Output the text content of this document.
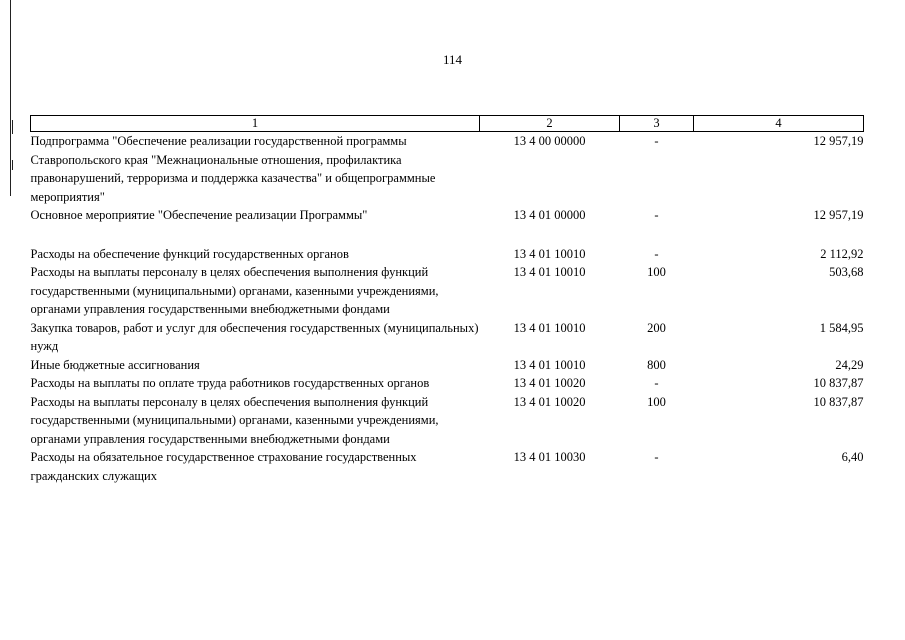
114
1	2	3	4
Подпрограмма "Обеспечение реализации государственной программы Ставропольского края "Межнациональные отношения, профилактика правонарушений, терроризма и поддержка казачества" и общепрограммные мероприятия"	13 4 00 00000	-	12 957,19
Основное мероприятие "Обеспечение реализации Программы"	13 4 01 00000	-	12 957,19
Расходы на обеспечение функций государственных органов	13 4 01 10010	-	2 112,92
Расходы на выплаты персоналу в целях обеспечения выполнения функций государственными (муниципальными) органами, казенными учреждениями, органами управления государственными внебюджетными фондами	13 4 01 10010	100	503,68
Закупка товаров, работ и услуг для обеспечения государственных (муниципальных) нужд	13 4 01 10010	200	1 584,95
Иные бюджетные ассигнования	13 4 01 10010	800	24,29
Расходы на выплаты по оплате труда работников государственных органов	13 4 01 10020	-	10 837,87
Расходы на выплаты персоналу в целях обеспечения выполнения функций государственными (муниципальными) органами, казенными учреждениями, органами управления государственными внебюджетными фондами	13 4 01 10020	100	10 837,87
Расходы на обязательное государственное страхование государственных гражданских служащих	13 4 01 10030	-	6,40
